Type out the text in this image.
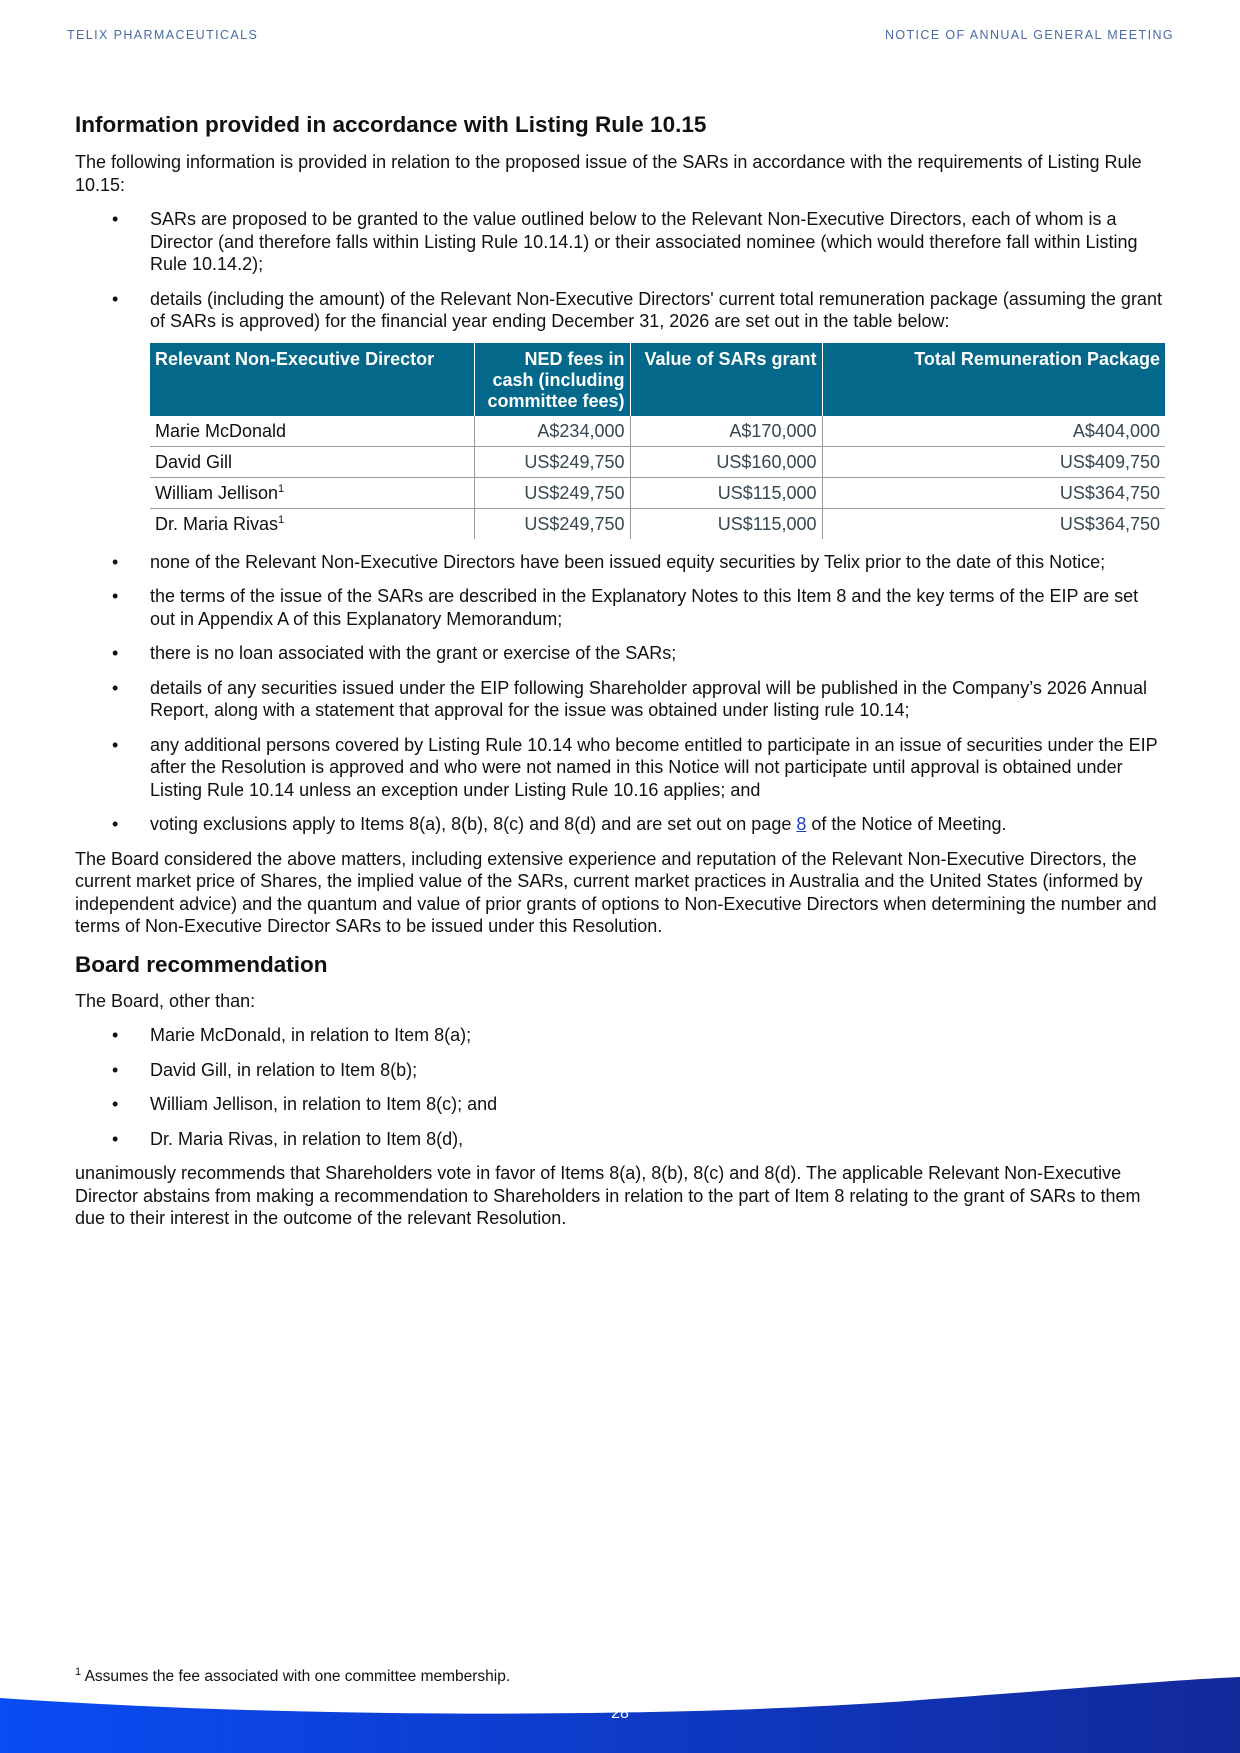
TELIX PHARMACEUTICALS	NOTICE OF ANNUAL GENERAL MEETING
Information provided in accordance with Listing Rule 10.15

The following information is provided in relation to the proposed issue of the SARs in accordance with the requirements of Listing Rule 10.15:

• SARs are proposed to be granted to the value outlined below to the Relevant Non-Executive Directors, each of whom is a Director (and therefore falls within Listing Rule 10.14.1) or their associated nominee (which would therefore fall within Listing Rule 10.14.2);
• details (including the amount) of the Relevant Non-Executive Directors' current total remuneration package (assuming the grant of SARs is approved) for the financial year ending December 31, 2026 are set out in the table below:
Relevant Non-Executive Director	NED fees in cash (including committee fees)	Value of SARs grant	Total Remuneration Package
Marie McDonald	A$234,000	A$170,000	A$404,000
David Gill	US$249,750	US$160,000	US$409,750
William Jellison$^1$	US$249,750	US$115,000	US$364,750
Dr. Maria Rivas$^1$	US$249,750	US$115,000	US$364,750
• none of the Relevant Non-Executive Directors have been issued equity securities by Telix prior to the date of this Notice;
• the terms of the issue of the SARs are described in the Explanatory Notes to this Item 8 and the key terms of the EIP are set out in Appendix A of this Explanatory Memorandum;
• there is no loan associated with the grant or exercise of the SARs;
• details of any securities issued under the EIP following Shareholder approval will be published in the Company’s 2026 Annual Report, along with a statement that approval for the issue was obtained under listing rule 10.14;
• any additional persons covered by Listing Rule 10.14 who become entitled to participate in an issue of securities under the EIP after the Resolution is approved and who were not named in this Notice will not participate until approval is obtained under Listing Rule 10.14 unless an exception under Listing Rule 10.16 applies; and
• voting exclusions apply to Items 8(a), 8(b), 8(c) and 8(d) and are set out on page 8 of the Notice of Meeting.

The Board considered the above matters, including extensive experience and reputation of the Relevant Non-Executive Directors, the current market price of Shares, the implied value of the SARs, current market practices in Australia and the United States (informed by independent advice) and the quantum and value of prior grants of options to Non-Executive Directors when determining the number and terms of Non-Executive Director SARs to be issued under this Resolution.

Board recommendation

The Board, other than:

• Marie McDonald, in relation to Item 8(a);
• David Gill, in relation to Item 8(b);
• William Jellison, in relation to Item 8(c); and
• Dr. Maria Rivas, in relation to Item 8(d),

unanimously recommends that Shareholders vote in favor of Items 8(a), 8(b), 8(c) and 8(d). The applicable Relevant Non-Executive Director abstains from making a recommendation to Shareholders in relation to the part of Item 8 relating to the grant of SARs to them due to their interest in the outcome of the relevant Resolution.

$^1$ Assumes the fee associated with one committee membership.
28
